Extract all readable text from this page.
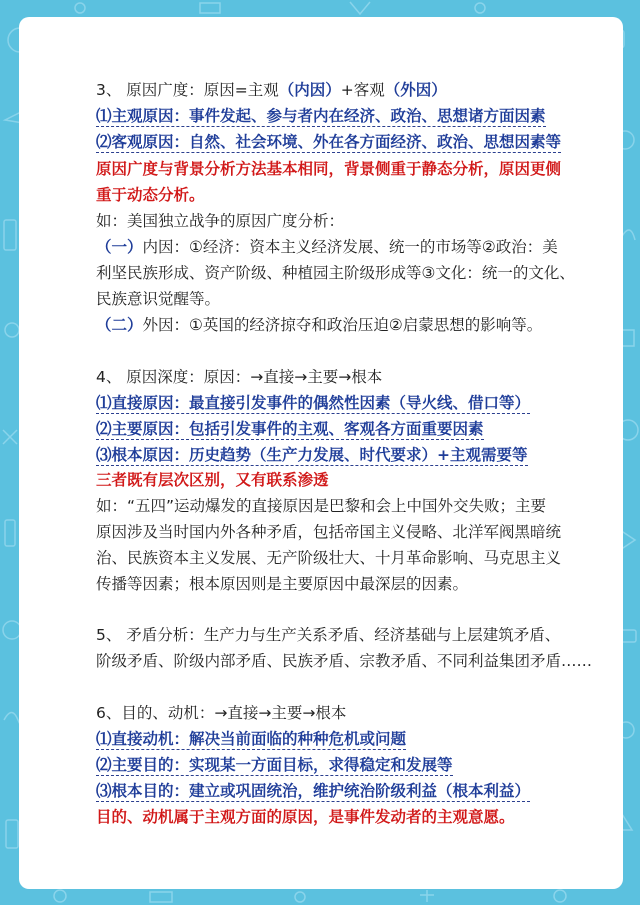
3、 原因广度：原因=主观（内因）+客观（外因）
⑴主观原因：事件发起、参与者内在经济、政治、思想诸方面因素
⑵客观原因：自然、社会环境、外在各方面经济、政治、思想因素等
原因广度与背景分析方法基本相同，背景侧重于静态分析，原因更侧
重于动态分析。
如：美国独立战争的原因广度分析：
（一）内因：①经济：资本主义经济发展、统一的市场等②政治：美
利坚民族形成、资产阶级、种植园主阶级形成等③文化：统一的文化、
民族意识觉醒等。
（二）外因：①英国的经济掠夺和政治压迫②启蒙思想的影响等。
4、 原因深度：原因：→直接→主要→根本
⑴直接原因：最直接引发事件的偶然性因素（导火线、借口等）
⑵主要原因：包括引发事件的主观、客观各方面重要因素
⑶根本原因：历史趋势（生产力发展、时代要求）+主观需要等
三者既有层次区别，又有联系渗透
如：“五四”运动爆发的直接原因是巴黎和会上中国外交失败；主要
原因涉及当时国内外各种矛盾，包括帝国主义侵略、北洋军阀黑暗统
治、民族资本主义发展、无产阶级壮大、十月革命影响、马克思主义
传播等因素；根本原因则是主要原因中最深层的因素。
5、 矛盾分析：生产力与生产关系矛盾、经济基础与上层建筑矛盾、
阶级矛盾、阶级内部矛盾、民族矛盾、宗教矛盾、不同利益集团矛盾……
6、目的、动机：→直接→主要→根本
⑴直接动机：解决当前面临的种种危机或问题
⑵主要目的：实现某一方面目标，求得稳定和发展等
⑶根本目的：建立或巩固统治，维护统治阶级利益（根本利益）
目的、动机属于主观方面的原因，是事件发动者的主观意愿。
